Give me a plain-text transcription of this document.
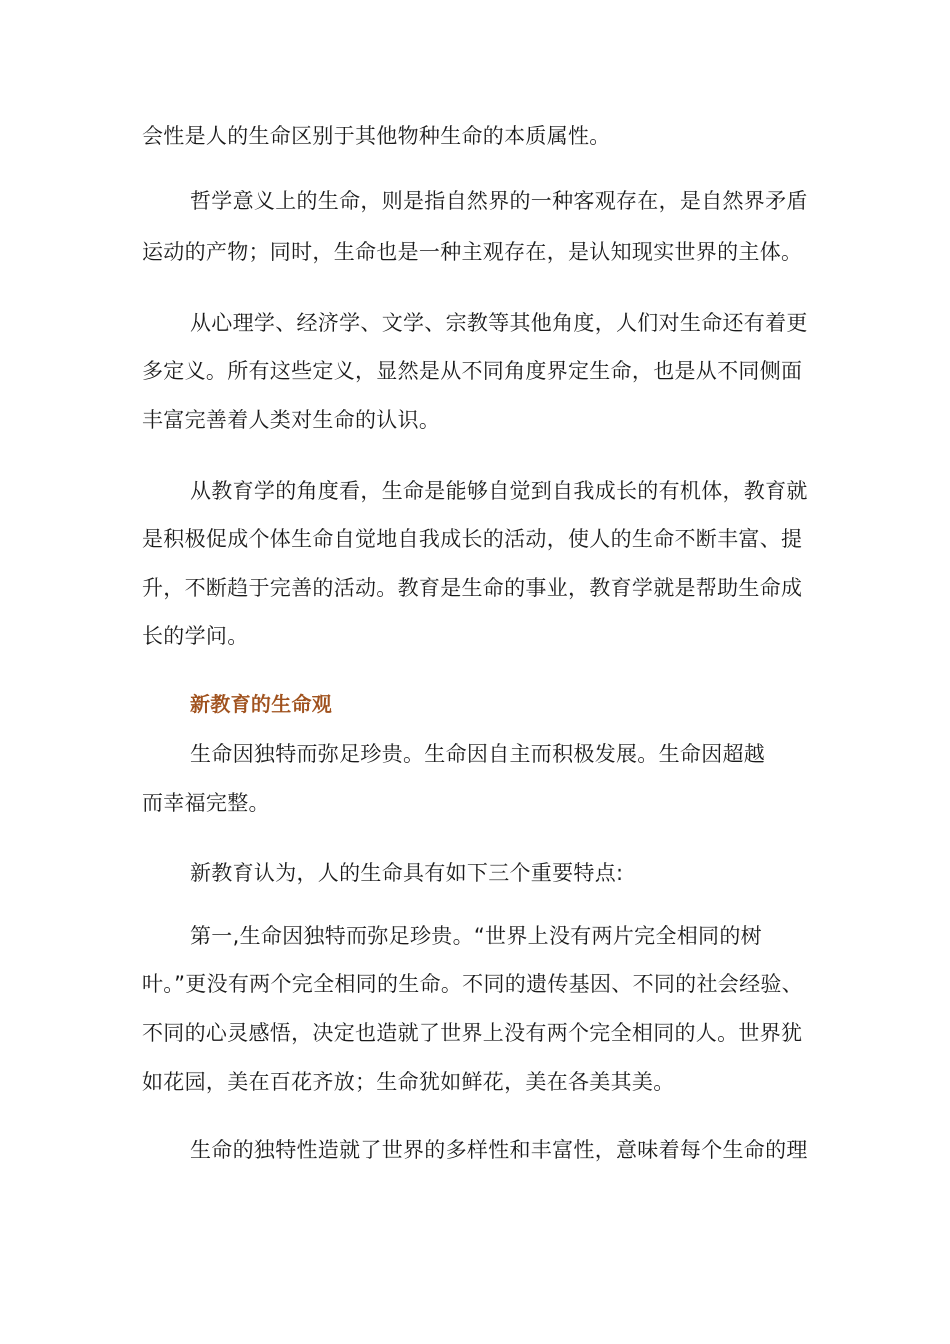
会性是人的生命区别于其他物种生命的本质属性。
哲学意义上的生命，则是指自然界的一种客观存在，是自然界矛盾
运动的产物；同时，生命也是一种主观存在，是认知现实世界的主体。
从心理学、经济学、文学、宗教等其他角度，人们对生命还有着更
多定义。所有这些定义，显然是从不同角度界定生命，也是从不同侧面
丰富完善着人类对生命的认识。
从教育学的角度看，生命是能够自觉到自我成长的有机体，教育就
是积极促成个体生命自觉地自我成长的活动，使人的生命不断丰富、提
升，不断趋于完善的活动。教育是生命的事业，教育学就是帮助生命成
长的学问。
新教育的生命观
生命因独特而弥足珍贵。生命因自主而积极发展。生命因超越
而幸福完整。
新教育认为，人的生命具有如下三个重要特点:
第一,生命因独特而弥足珍贵。“世界上没有两片完全相同的树
叶。”更没有两个完全相同的生命。不同的遗传基因、不同的社会经验、
不同的心灵感悟，决定也造就了世界上没有两个完全相同的人。世界犹
如花园，美在百花齐放；生命犹如鲜花，美在各美其美。
生命的独特性造就了世界的多样性和丰富性，意味着每个生命的理
